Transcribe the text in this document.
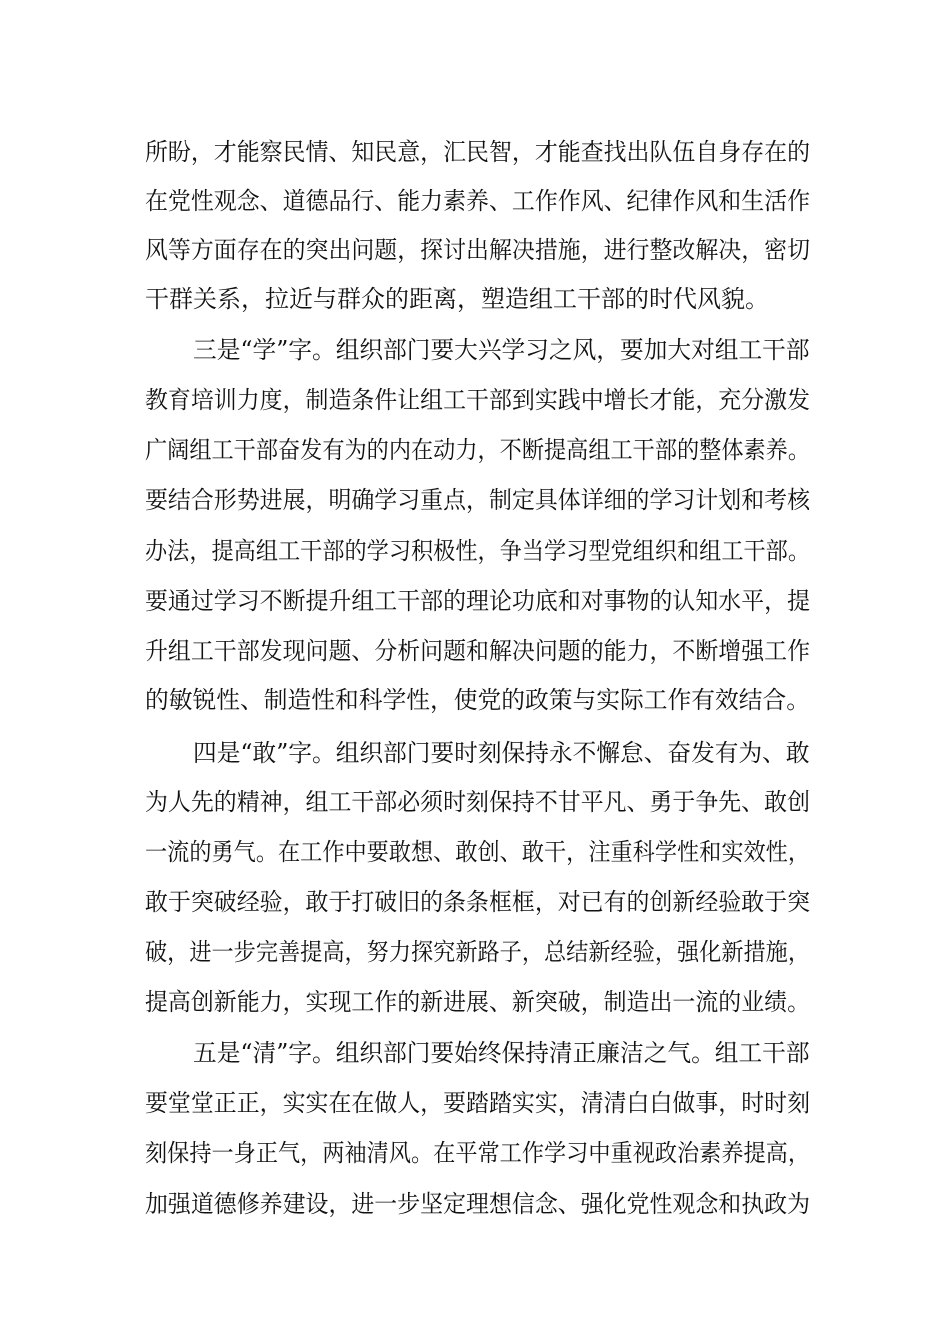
所盼，才能察民情、知民意，汇民智，才能查找出队伍自身存在的
在党性观念、道德品行、能力素养、工作作风、纪律作风和生活作
风等方面存在的突出问题，探讨出解决措施，进行整改解决，密切
干群关系，拉近与群众的距离，塑造组工干部的时代风貌。
三是“学”字。组织部门要大兴学习之风，要加大对组工干部
教育培训力度，制造条件让组工干部到实践中增长才能，充分激发
广阔组工干部奋发有为的内在动力，不断提高组工干部的整体素养。
要结合形势进展，明确学习重点，制定具体详细的学习计划和考核
办法，提高组工干部的学习积极性，争当学习型党组织和组工干部。
要通过学习不断提升组工干部的理论功底和对事物的认知水平，提
升组工干部发现问题、分析问题和解决问题的能力，不断增强工作
的敏锐性、制造性和科学性，使党的政策与实际工作有效结合。
四是“敢”字。组织部门要时刻保持永不懈怠、奋发有为、敢
为人先的精神，组工干部必须时刻保持不甘平凡、勇于争先、敢创
一流的勇气。在工作中要敢想、敢创、敢干，注重科学性和实效性，
敢于突破经验，敢于打破旧的条条框框，对已有的创新经验敢于突
破，进一步完善提高，努力探究新路子，总结新经验，强化新措施，
提高创新能力，实现工作的新进展、新突破，制造出一流的业绩。
五是“清”字。组织部门要始终保持清正廉洁之气。组工干部
要堂堂正正，实实在在做人，要踏踏实实，清清白白做事，时时刻
刻保持一身正气，两袖清风。在平常工作学习中重视政治素养提高，
加强道德修养建设，进一步坚定理想信念、强化党性观念和执政为
